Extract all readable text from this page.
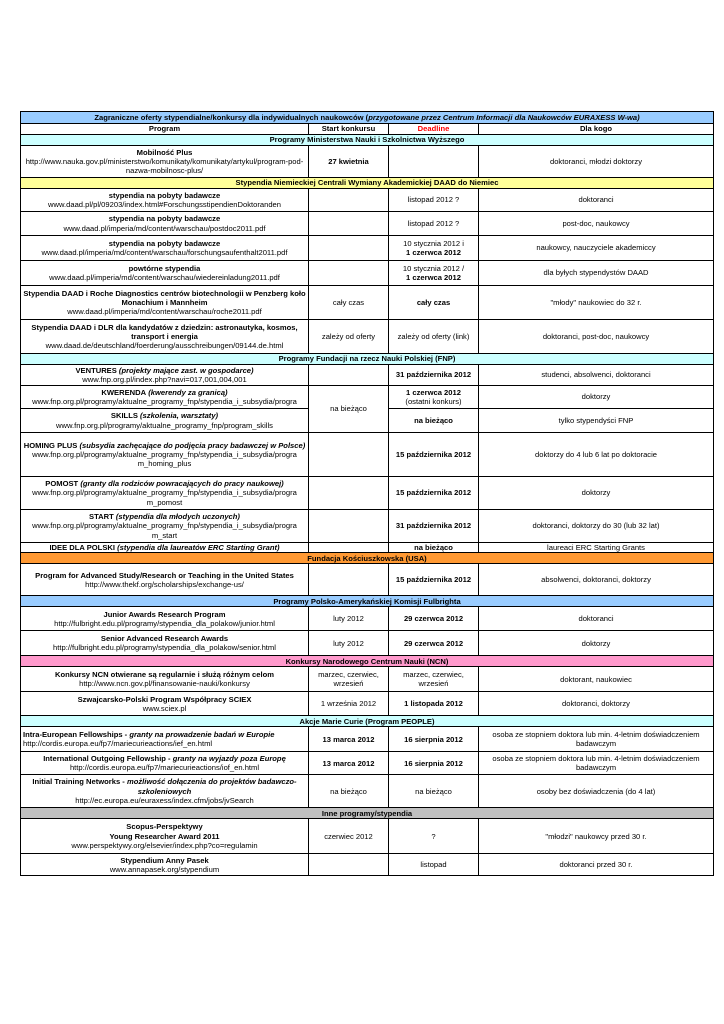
Zagraniczne oferty stypendialne/konkursy dla indywidualnych naukowców (przygotowane przez Centrum Informacji dla Naukowców EURAXESS W-wa)			
Program	Start konkursu	Deadline	Dla kogo
Programy Ministerstwa Nauki i Szkolnictwa Wyższego			

Mobilność Plus
http://www.nauka.gov.pl/ministerstwo/komunikaty/komunikaty/artykul/program-pod-nazwa-mobilnosc-plus/	27 kwietnia		doktoranci, młodzi doktorzy
Stypendia Niemieckiej Centrali Wymiany Akademickiej DAAD do Niemiec			

stypendia na pobyty badawcze
www.daad.pl/pl/09203/index.html#ForschungsstipendienDoktoranden		listopad 2012 ?	doktoranci

stypendia na pobyty badawcze
www.daad.pl/imperia/md/content/warschau/postdoc2011.pdf		listopad 2012 ?	post-doc, naukowcy

stypendia na pobyty badawcze
www.daad.pl/imperia/md/content/warschau/forschungsaufenthalt2011.pdf		10 stycznia 2012 i
1 czerwca 2012	naukowcy, nauczyciele akademiccy

powtórne stypendia
www.daad.pl/imperia/md/content/warschau/wiedereinladung2011.pdf		10 stycznia 2012 /
1 czerwca 2012	dla byłych stypendystów DAAD

Stypendia DAAD i Roche Diagnostics centrów biotechnologii w Penzberg koło Monachium i Mannheim
www.daad.pl/imperia/md/content/warschau/roche2011.pdf	cały czas	cały czas	"młody" naukowiec do 32 r.

Stypendia DAAD i DLR dla kandydatów z dziedzin: astronautyka, kosmos, transport i energia
www.daad.de/deutschland/foerderung/ausschreibungen/09144.de.html	zależy od oferty	zależy od oferty (link)	doktoranci, post-doc, naukowcy
Programy Fundacji na rzecz Nauki Polskiej (FNP)			

VENTURES (projekty mające zast. w gospodarce)
www.fnp.org.pl/index.php?navi=017,001,004,001		31 października 2012	studenci, absolwenci, doktoranci

KWERENDA (kwerendy za granicą)
www.fnp.org.pl/programy/aktualne_programy_fnp/stypendia_i_subsydia/progra	na bieżąco	1 czerwca 2012
(ostatni konkurs)	doktorzy

SKILLS (szkolenia, warsztaty)
www.fnp.org.pl/programy/aktualne_programy_fnp/program_skills		na bieżąco	tylko stypendyści FNP

HOMING PLUS (subsydia zachęcające do podjęcia pracy badawczej w Polsce)
www.fnp.org.pl/programy/aktualne_programy_fnp/stypendia_i_subsydia/progra m_homing_plus		15 października 2012	doktorzy do 4 lub 6 lat po doktoracie

POMOST (granty dla rodziców powracających do pracy naukowej)
www.fnp.org.pl/programy/aktualne_programy_fnp/stypendia_i_subsydia/progra m_pomost		15 października 2012	doktorzy

START (stypendia dla młodych uczonych)
www.fnp.org.pl/programy/aktualne_programy_fnp/stypendia_i_subsydia/progra m_start		31 października 2012	doktoranci, doktorzy do 30 (lub 32 lat)

IDEE DLA POLSKI (stypendia dla laureatów ERC Starting Grant)		na bieżąco	laureaci ERC Starting Grants
Fundacja Kościuszkowska (USA)			

Program for Advanced Study/Research or Teaching in the United States
http://www.thekf.org/scholarships/exchange-us/		15 października 2012	absolwenci, doktoranci, doktorzy
Programy Polsko-Amerykańskiej Komisji Fulbrighta			

Junior Awards Research Program
http://fulbright.edu.pl/programy/stypendia_dla_polakow/junior.html	luty 2012	29 czerwca 2012	doktoranci

Senior Advanced Research Awards
http://fulbright.edu.pl/programy/stypendia_dla_polakow/senior.html	luty 2012	29 czerwca 2012	doktorzy
Konkursy Narodowego Centrum Nauki (NCN)			

Konkursy NCN otwierane są regularnie i służą różnym celom
http://www.ncn.gov.pl/finansowanie-nauki/konkursy	marzec, czerwiec, wrzesień	marzec, czerwiec, wrzesień	doktorant, naukowiec

Szwajcarsko-Polski Program Współpracy SCIEX
www.sciex.pl	1 września 2012	1 listopada 2012	doktoranci, doktorzy
Akcje Marie Curie (Program PEOPLE)			

Intra-European Fellowships - granty na prowadzenie badań w Europie
http://cordis.europa.eu/fp7/mariecurieactions/ief_en.html	13 marca 2012	16 sierpnia 2012	osoba ze stopniem doktora lub min. 4-letnim doświadczeniem badawczym

International Outgoing Fellowship - granty na wyjazdy poza Europę
http://cordis.europa.eu/fp7/mariecurieactions/iof_en.html	13 marca 2012	16 sierpnia 2012	osoba ze stopniem doktora lub min. 4-letnim doświadczeniem badawczym

Initial Training Networks - możliwość dołączenia do projektów badawczo-szkoleniowych
http://ec.europa.eu/euraxess/index.cfm/jobs/jvSearch	na bieżąco	na bieżąco	osoby bez doświadczenia (do 4 lat)
Inne programy/stypendia			

Scopus-Perspektywy
Young Researcher Award 2011
www.perspektywy.org/elsevier/index.php?co=regulamin	czerwiec 2012	?	"młodzi" naukowcy przed 30 r.

Stypendium Anny Pasek
www.annapasek.org/stypendium		listopad	doktoranci przed 30 r.
